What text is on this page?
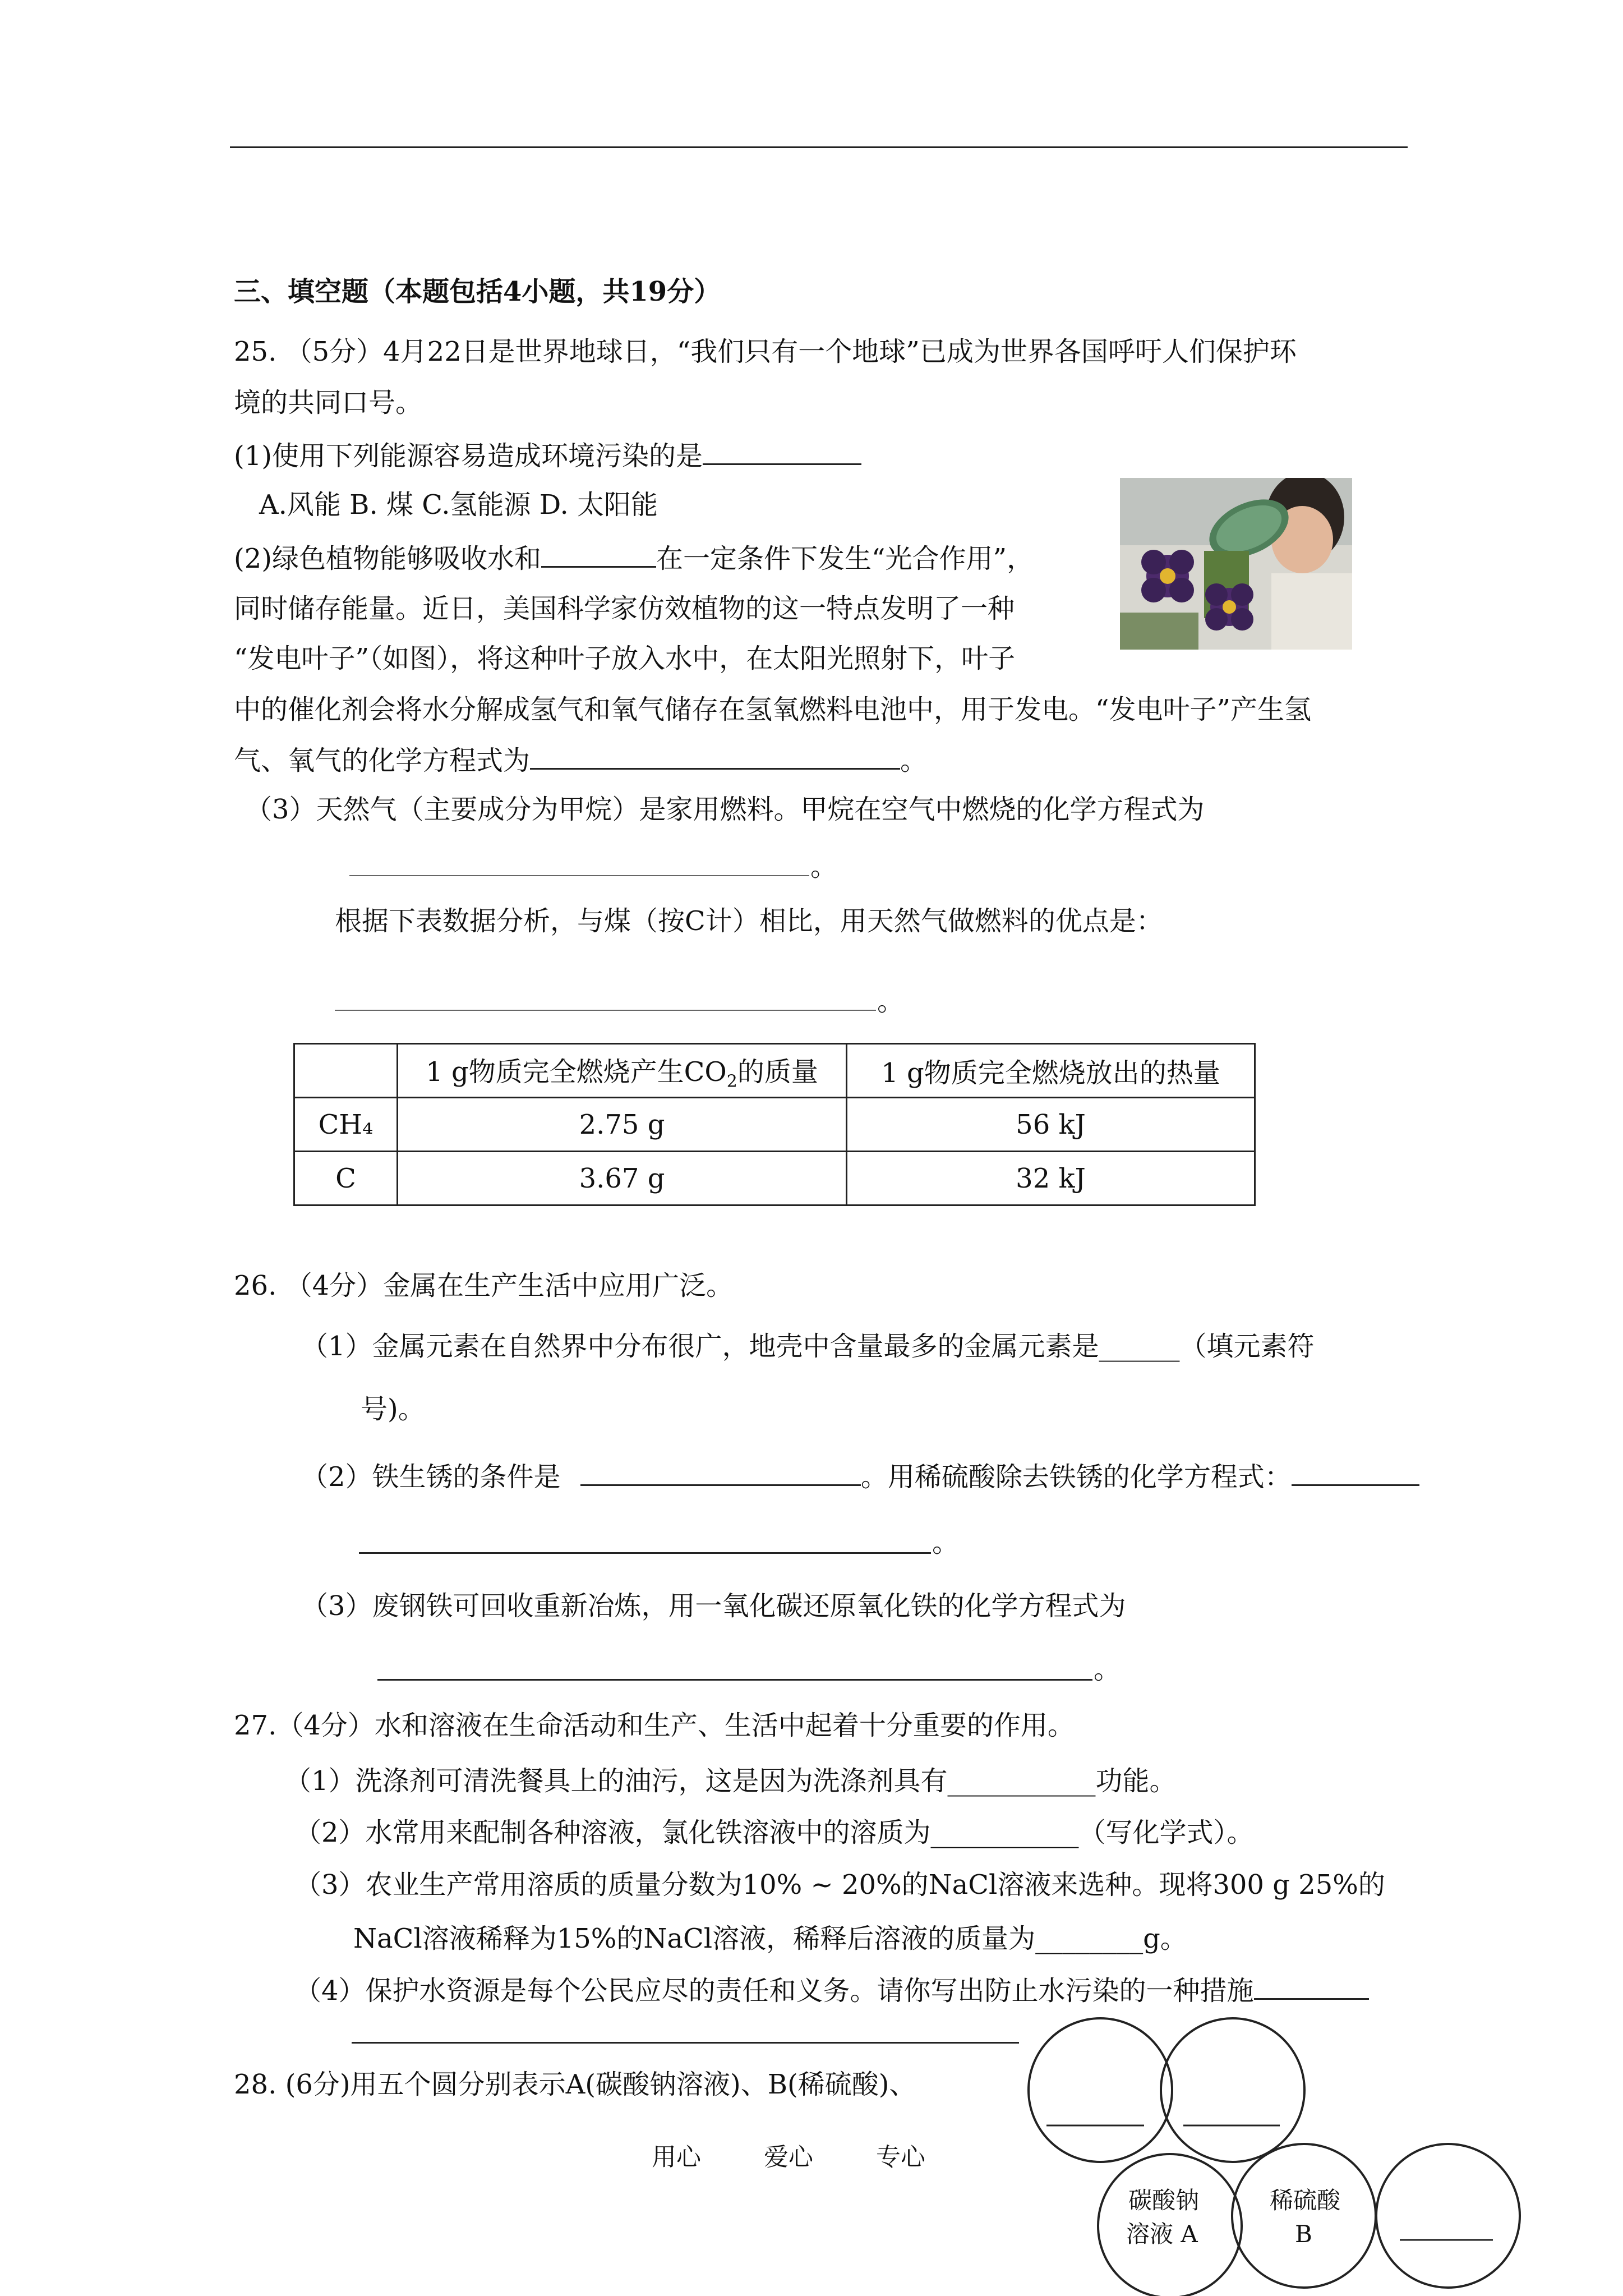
三、填空题（本题包括4小题，共19分）
25. （5分）4月22日是世界地球日，“我们只有一个地球”已成为世界各国呼吁人们保护环
境的共同口号。
(1)使用下列能源容易造成环境污染的是
A.风能 B. 煤 C.氢能源 D. 太阳能
(2)绿色植物能够吸收水和	在一定条件下发生“光合作用”，
同时储存能量。近日，美国科学家仿效植物的这一特点发明了一种
“发电叶子”（如图），将这种叶子放入水中，在太阳光照射下，叶子
中的催化剂会将水分解成氢气和氧气储存在氢氧燃料电池中，用于发电。“发电叶子”产生氢
气、氧气的化学方程式为	。
（3）天然气（主要成分为甲烷）是家用燃料。甲烷在空气中燃烧的化学方程式为
。
根据下表数据分析，与煤（按C计）相比，用天然气做燃料的优点是：
。
	1 g物质完全燃烧产生$CO_2$的质量	1 g物质完全燃烧放出的热量
CH₄	2.75 g	56 kJ
C	3.67 g	32 kJ
26. （4分）金属在生产生活中应用广泛。
（1）金属元素在自然界中分布很广，地壳中含量最多的金属元素是______（填元素符
号)。
（2）铁生锈的条件是	。用稀硫酸除去铁锈的化学方程式：
。
（3）废钢铁可回收重新冶炼，用一氧化碳还原氧化铁的化学方程式为
。
27.（4分）水和溶液在生命活动和生产、生活中起着十分重要的作用。
（1）洗涤剂可清洗餐具上的油污，这是因为洗涤剂具有___________功能。
（2）水常用来配制各种溶液，氯化铁溶液中的溶质为___________（写化学式）。
（3）农业生产常用溶质的质量分数为10% ~ 20%的NaCl溶液来选种。现将300 g 25%的
NaCl溶液稀释为15%的NaCl溶液，稀释后溶液的质量为________g。
（4）保护水资源是每个公民应尽的责任和义务。请你写出防止水污染的一种措施
28. (6分)用五个圆分别表示A(碳酸钠溶液)、B(稀硫酸)、
碳酸钠
溶液 A
稀硫酸
B
用心	爱心	专心
